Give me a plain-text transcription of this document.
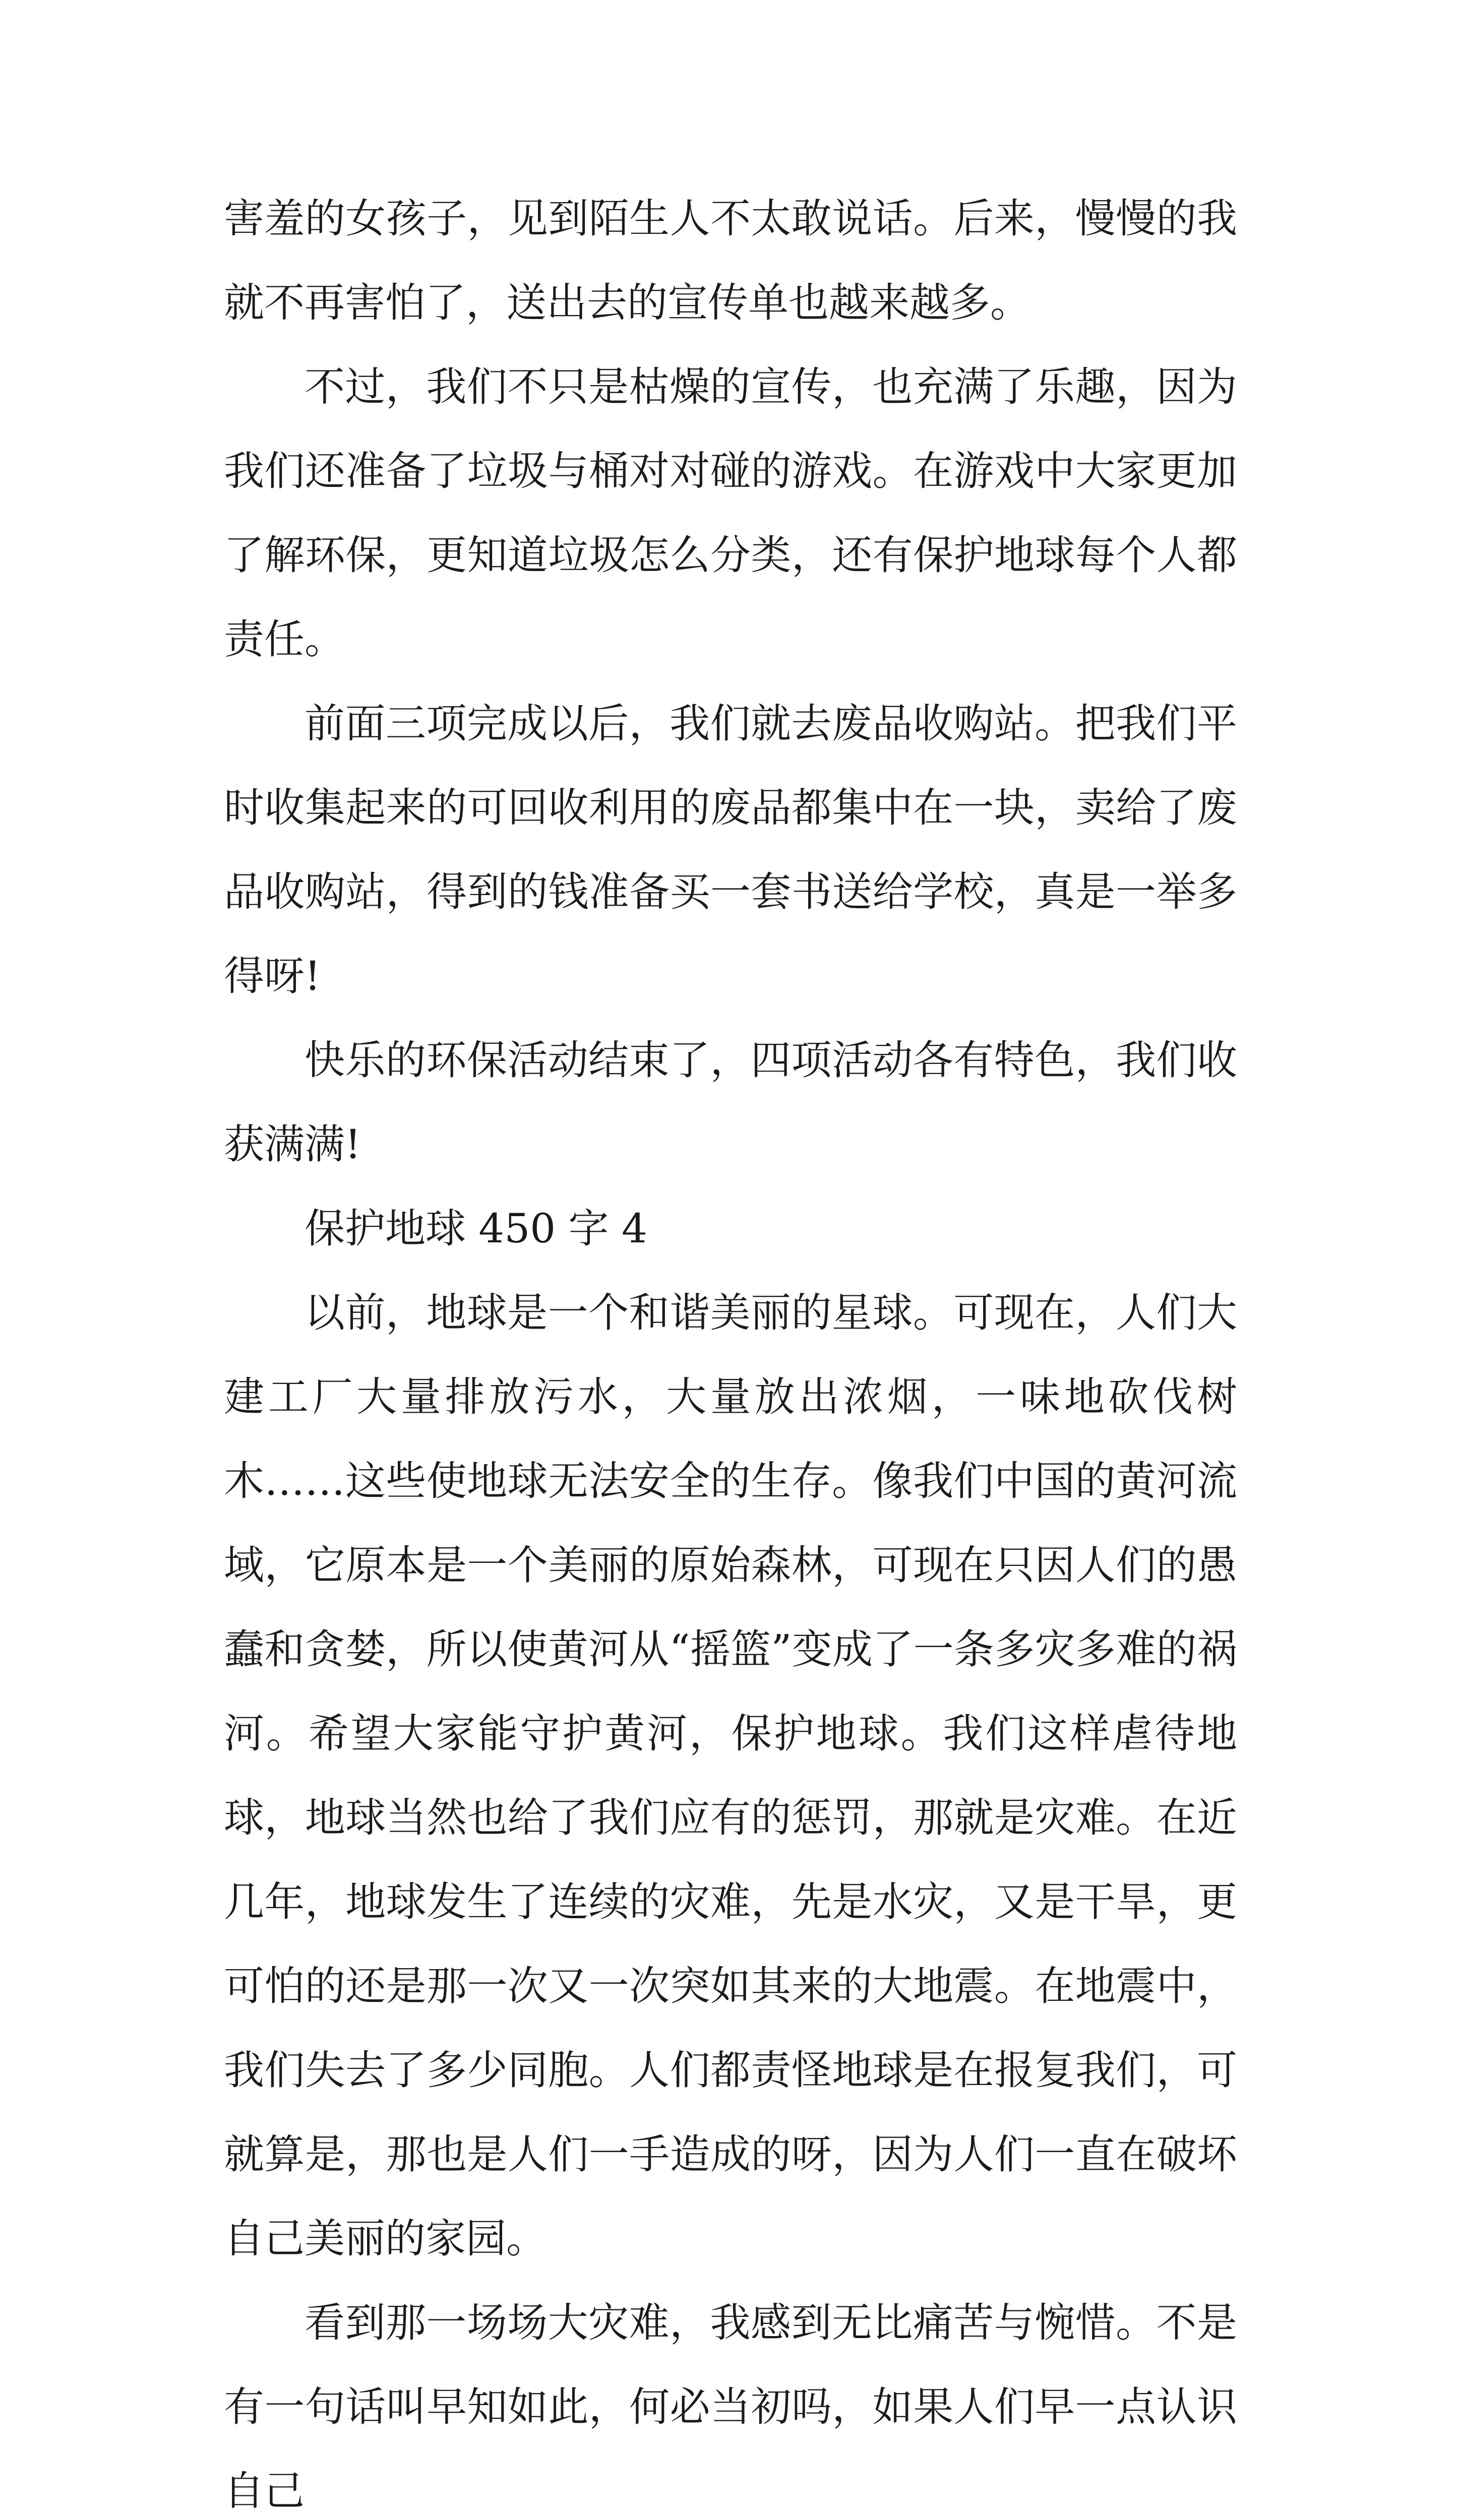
害羞的女孩子，见到陌生人不太敢说话。后来，慢慢的我就不再害怕了，送出去的宣传单也越来越多。

不过，我们不只是枯燥的宣传，也充满了乐趣，因为我们还准备了垃圾与桶对对碰的游戏。在游戏中大家更加了解环保，更知道垃圾怎么分类，还有保护地球每个人都责任。

前面三项完成以后，我们就去废品收购站。把我们平时收集起来的可回收利用的废品都集中在一块，卖给了废品收购站，得到的钱准备买一套书送给学校，真是一举多得呀!

快乐的环保活动结束了，四项活动各有特色，我们收获满满!

保护地球 450 字 4

以前，地球是一个和谐美丽的星球。可现在，人们大建工厂大量排放污水，大量放出浓烟，一味地砍伐树木……这些使地球无法安全的生存。像我们中国的黄河流域，它原本是一个美丽的原始森林，可现在只因人们的愚蠢和贪婪，所以使黄河从“摇篮”变成了一条多灾多难的祸河。希望大家能守护黄河，保护地球。我们这样虐待地球，地球当然也给了我们应有的惩罚，那就是灾难。在近几年，地球发生了连续的灾难，先是水灾，又是干旱，更可怕的还是那一次又一次突如其来的大地震。在地震中，我们失去了多少同胞。人们都责怪地球是在报复我们，可就算是，那也是人们一手造成的呀，因为人们一直在破坏自己美丽的家园。

看到那一场场大灾难，我感到无比痛苦与惋惜。不是有一句话叫早知如此，何必当初吗，如果人们早一点认识自己
